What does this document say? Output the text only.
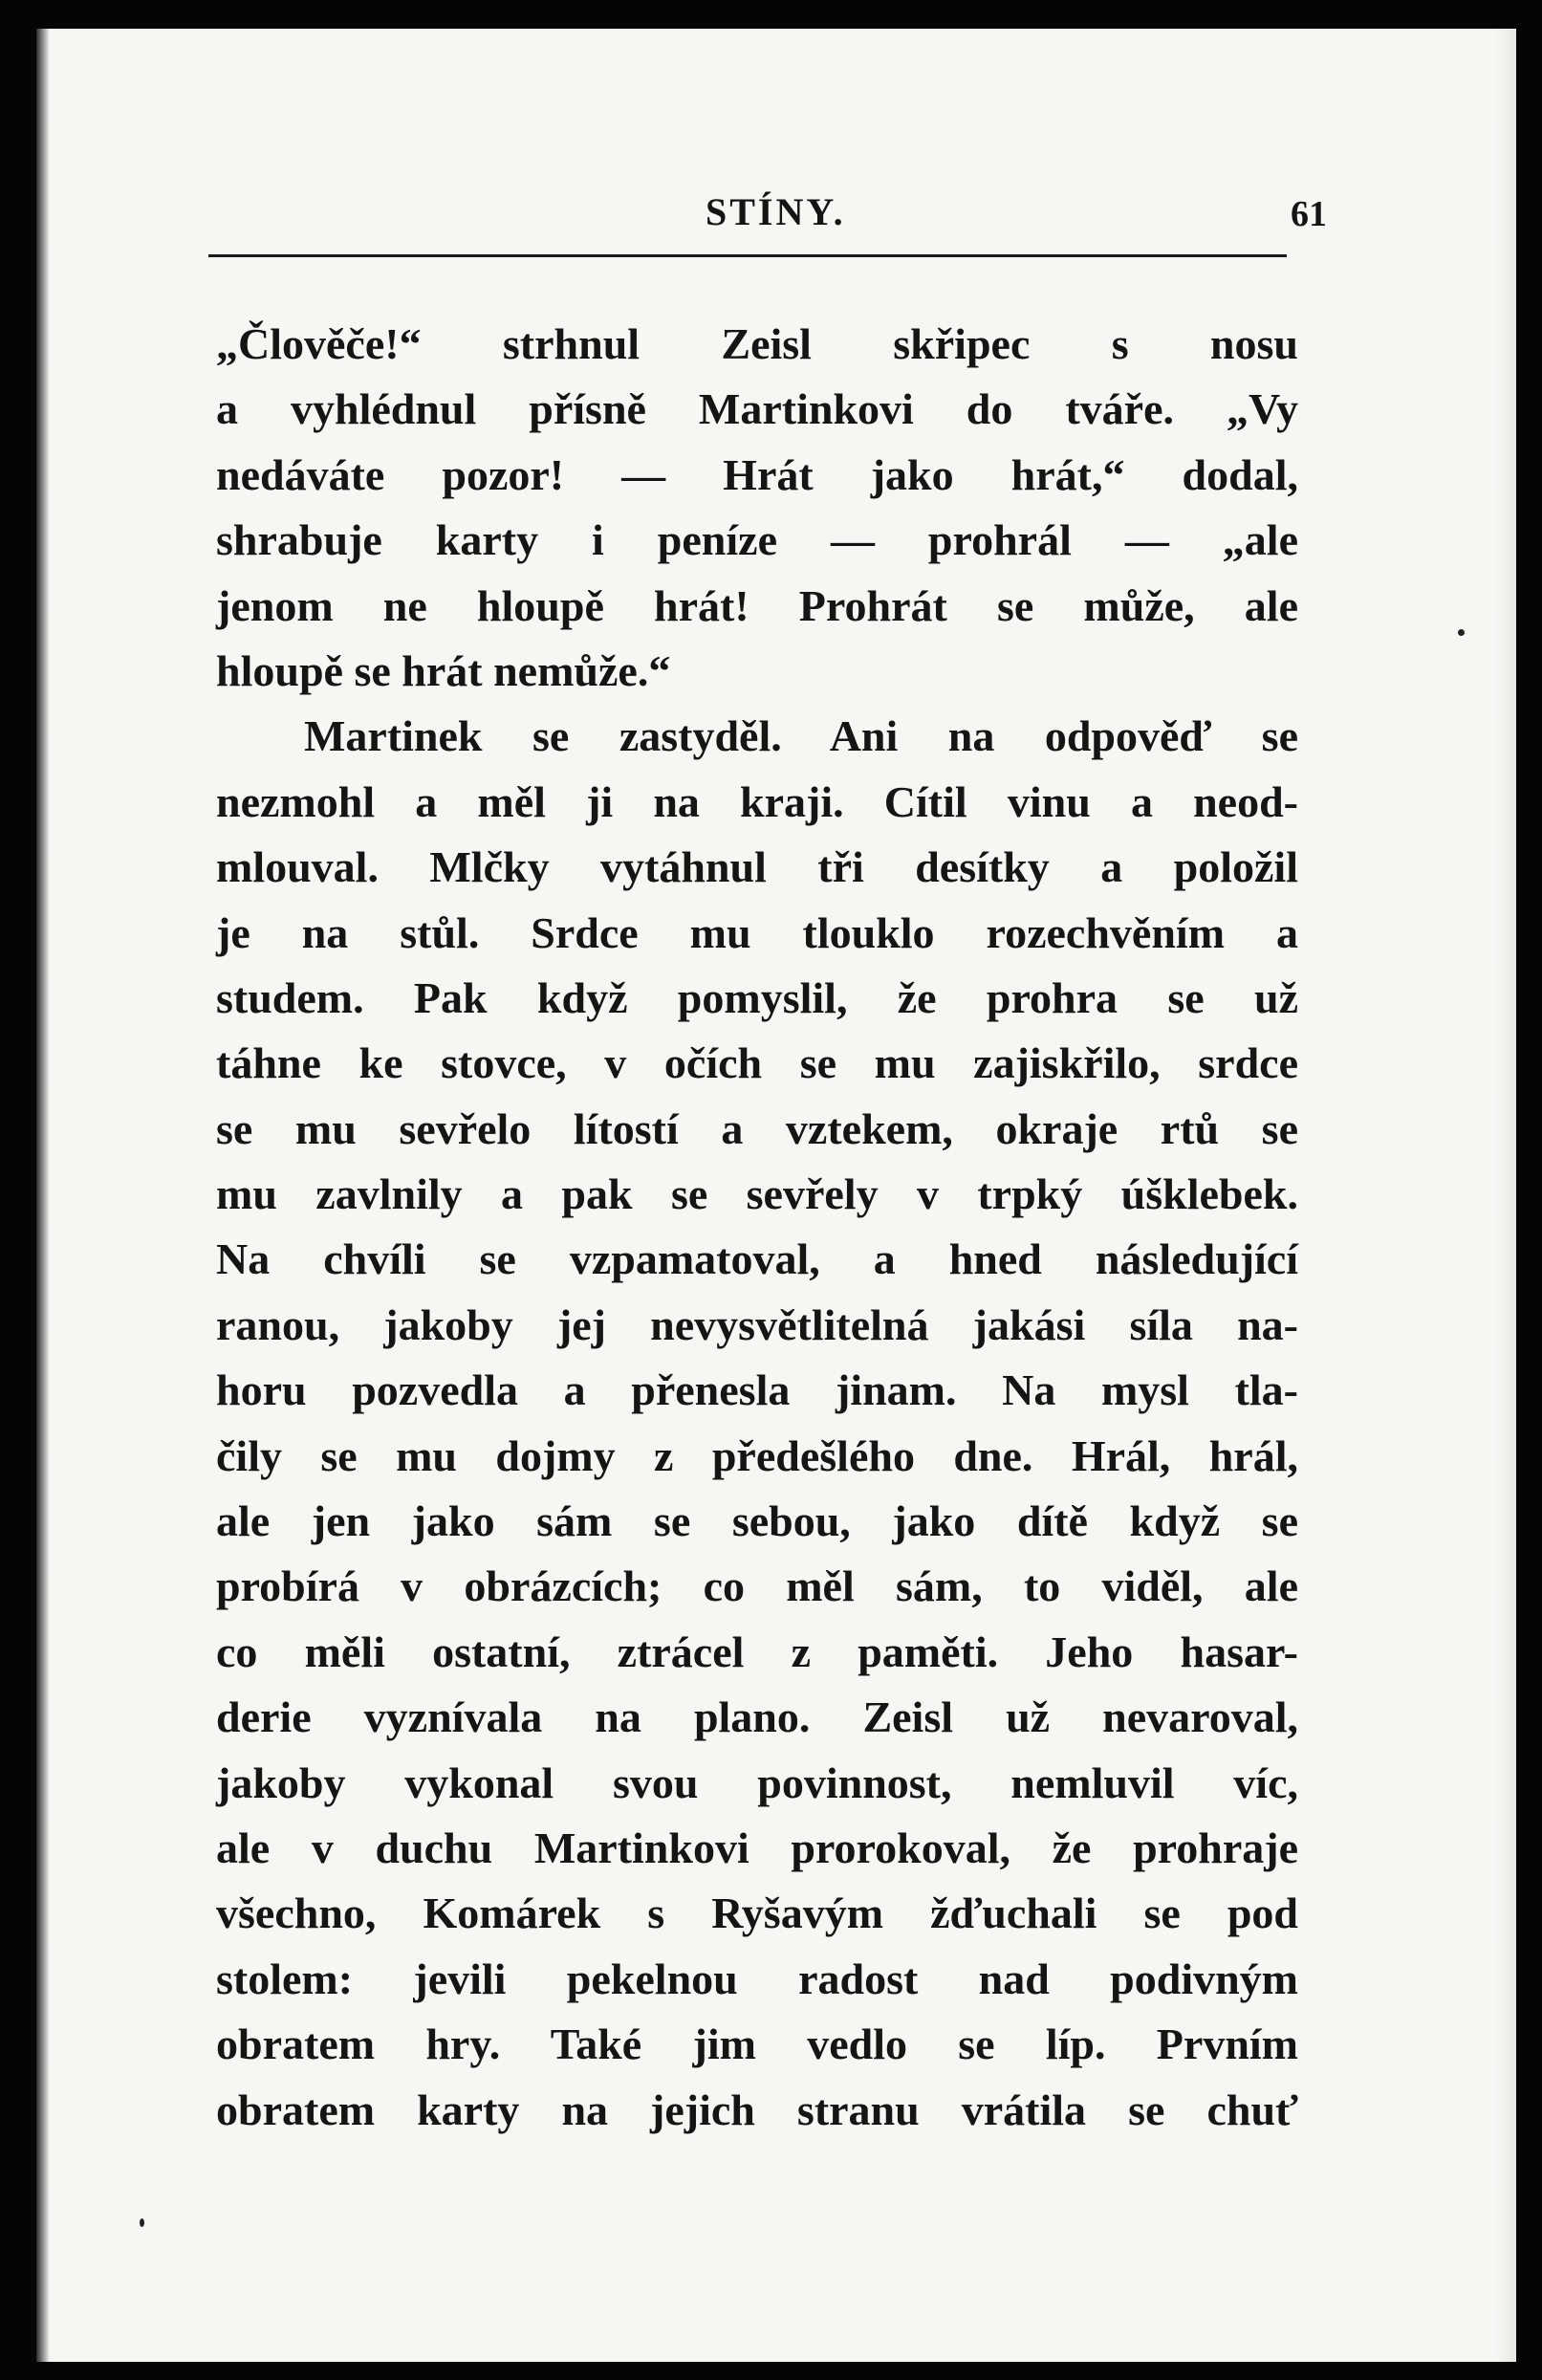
STÍNY.	61
„Člověče!“ strhnul Zeisl skřipec s nosu
a vyhlédnul přísně Martinkovi do tváře. „Vy
nedáváte pozor! — Hrát jako hrát,“ dodal,
shrabuje karty i peníze — prohrál — „ale
jenom ne hloupě hrát! Prohrát se může, ale
hloupě se hrát nemůže.“
Martinek se zastyděl. Ani na odpověď se
nezmohl a měl ji na kraji. Cítil vinu a neod-
mlouval. Mlčky vytáhnul tři desítky a položil
je na stůl. Srdce mu tlouklo rozechvěním a
studem. Pak když pomyslil, že prohra se už
táhne ke stovce, v očích se mu zajiskřilo, srdce
se mu sevřelo lítostí a vztekem, okraje rtů se
mu zavlnily a pak se sevřely v trpký úšklebek.
Na chvíli se vzpamatoval, a hned následující
ranou, jakoby jej nevysvětlitelná jakási síla na-
horu pozvedla a přenesla jinam. Na mysl tla-
čily se mu dojmy z předešlého dne. Hrál, hrál,
ale jen jako sám se sebou, jako dítě když se
probírá v obrázcích; co měl sám, to viděl, ale
co měli ostatní, ztrácel z paměti. Jeho hasar-
derie vyznívala na plano. Zeisl už nevaroval,
jakoby vykonal svou povinnost, nemluvil víc,
ale v duchu Martinkovi prorokoval, že prohraje
všechno, Komárek s Ryšavým žďuchali se pod
stolem: jevili pekelnou radost nad podivným
obratem hry. Také jim vedlo se líp. Prvním
obratem karty na jejich stranu vrátila se chuť
